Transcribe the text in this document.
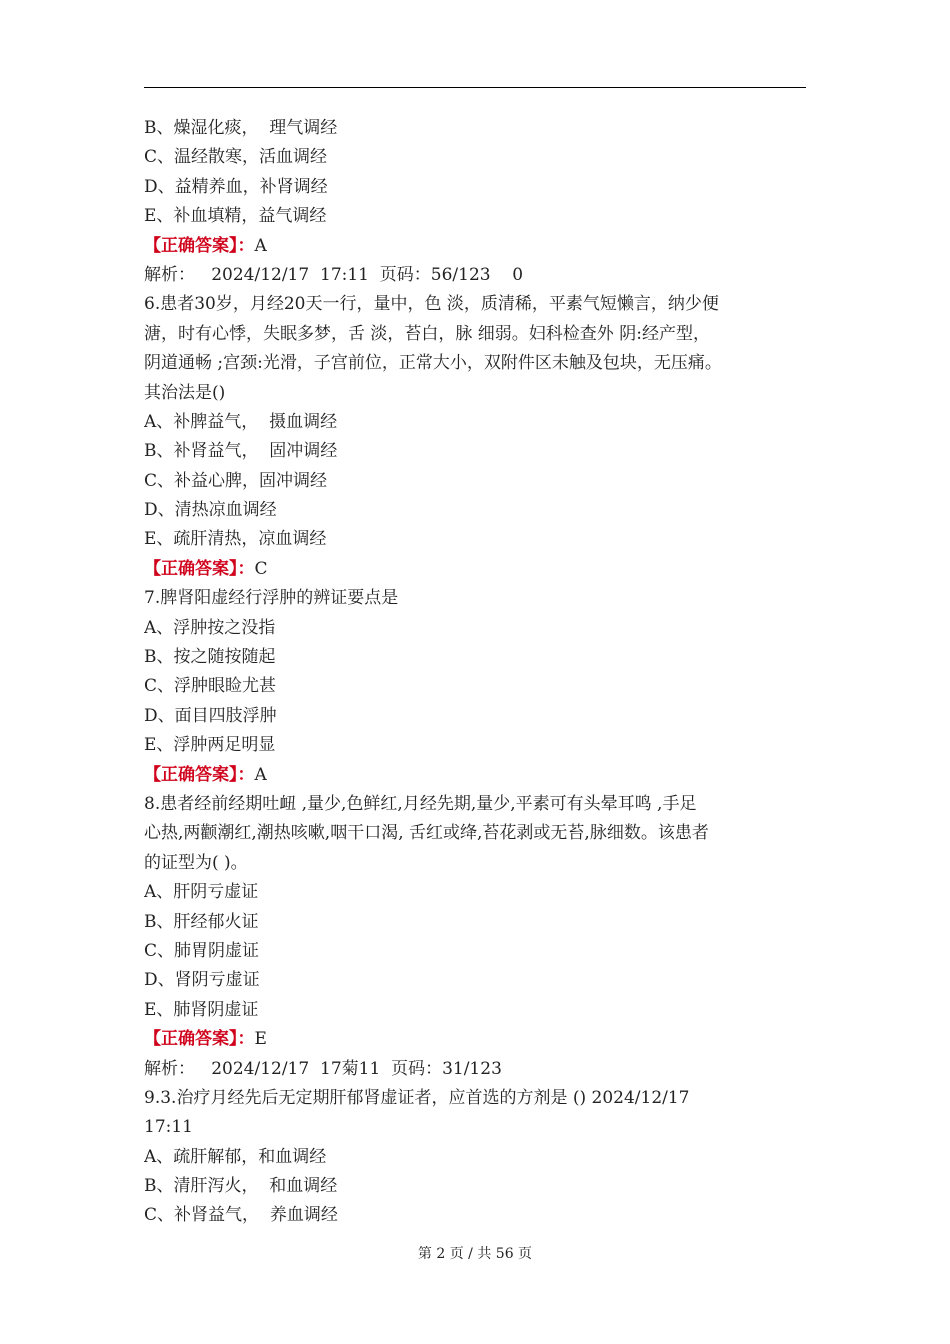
B、燥湿化痰，  理气调经
C、温经散寒，活血调经
D、益精养血，补肾调经
E、补血填精，益气调经
【正确答案】：A
解析：   2024/12/17  17:11  页码：56/123    0
6.患者30岁，月经20天一行，量中，色 淡，质清稀，平素气短懒言，纳少便
溏，时有心悸，失眠多梦，舌 淡，苔白，脉 细弱。妇科检查外 阴:经产型，
阴道通畅 ;宫颈:光滑，子宫前位，正常大小，双附件区未触及包块，无压痛。
其治法是()
A、补脾益气，  摄血调经
B、补肾益气，  固冲调经
C、补益心脾，固冲调经
D、清热凉血调经
E、疏肝清热，凉血调经
【正确答案】：C
7.脾肾阳虚经行浮肿的辨证要点是
A、浮肿按之没指
B、按之随按随起
C、浮肿眼睑尤甚
D、面目四肢浮肿
E、浮肿两足明显
【正确答案】：A
8.患者经前经期吐衄 ,量少,色鲜红,月经先期,量少,平素可有头晕耳鸣 ,手足
心热,两颧潮红,潮热咳嗽,咽干口渴, 舌红或绛,苔花剥或无苔,脉细数。该患者
的证型为( )。
A、肝阴亏虚证
B、肝经郁火证
C、肺胃阴虚证
D、肾阴亏虚证
E、肺肾阴虚证
【正确答案】：E
解析：   2024/12/17  17菊11  页码：31/123
9.3.治疗月经先后无定期肝郁肾虚证者，应首选的方剂是 () 2024/12/17
17:11
A、疏肝解郁，和血调经
B、清肝泻火，  和血调经
C、补肾益气，  养血调经
第 2 页 / 共 56 页
